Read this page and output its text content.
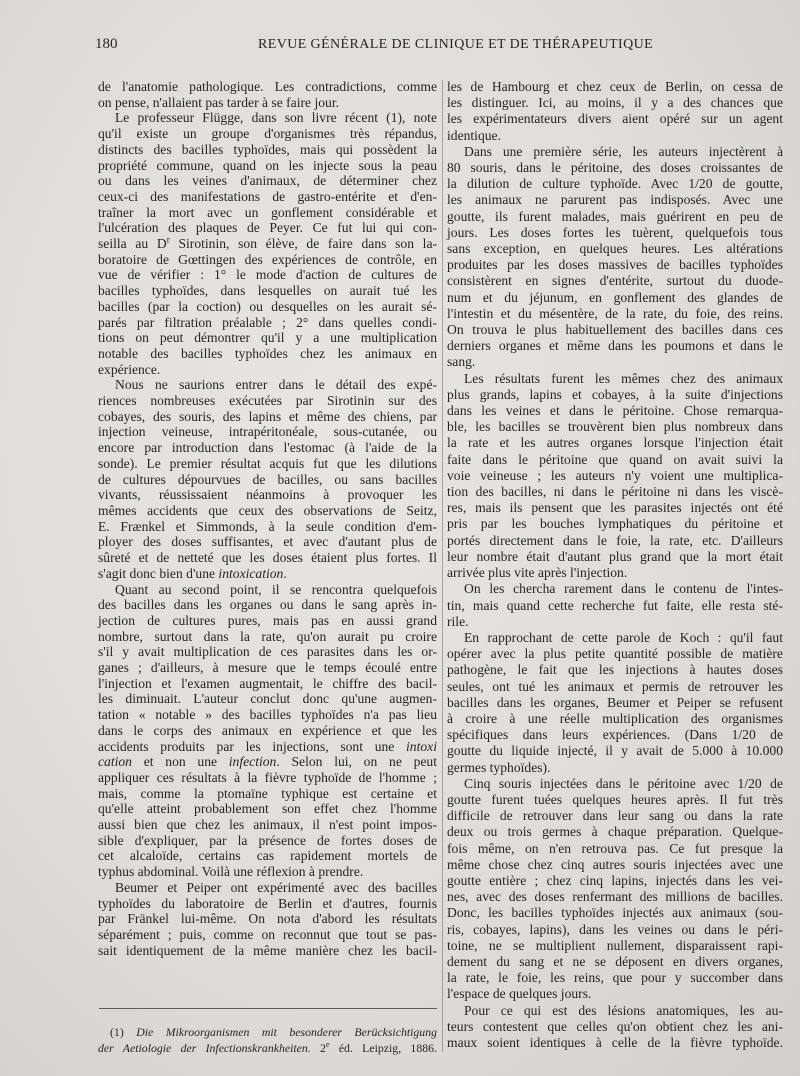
180	REVUE GÉNÉRALE DE CLINIQUE ET DE THÉRAPEUTIQUE
de l'anatomie pathologique. Les contradictions, comme
on pense, n'allaient pas tarder à se faire jour.
Le professeur Flügge, dans son livre récent (1), note
qu'il existe un groupe d'organismes très répandus,
distincts des bacilles typhoïdes, mais qui possèdent la
propriété commune, quand on les injecte sous la peau
ou dans les veines d'animaux, de déterminer chez
ceux-ci des manifestations de gastro-entérite et d'en-
traîner la mort avec un gonflement considérable et
l'ulcération des plaques de Peyer. Ce fut lui qui con-
seilla au $D^r$ Sirotinin, son élève, de faire dans son la-
boratoire de Gœttingen des expériences de contrôle, en
vue de vérifier : 1° le mode d'action de cultures de
bacilles typhoïdes, dans lesquelles on aurait tué les
bacilles (par la coction) ou desquelles on les aurait sé-
parés par filtration préalable ; 2° dans quelles condi-
tions on peut démontrer qu'il y a une multiplication
notable des bacilles typhoïdes chez les animaux en
expérience.
Nous ne saurions entrer dans le détail des expé-
riences nombreuses exécutées par Sirotinin sur des
cobayes, des souris, des lapins et même des chiens, par
injection veineuse, intrapéritonéale, sous-cutanée, ou
encore par introduction dans l'estomac (à l'aide de la
sonde). Le premier résultat acquis fut que les dilutions
de cultures dépourvues de bacilles, ou sans bacilles
vivants, réussissaient néanmoins à provoquer les
mêmes accidents que ceux des observations de Seitz,
E. Frænkel et Simmonds, à la seule condition d'em-
ployer des doses suffisantes, et avec d'autant plus de
sûreté et de netteté que les doses étaient plus fortes. Il
s'agit donc bien d'une intoxication.
Quant au second point, il se rencontra quelquefois
des bacilles dans les organes ou dans le sang après in-
jection de cultures pures, mais pas en aussi grand
nombre, surtout dans la rate, qu'on aurait pu croire
s'il y avait multiplication de ces parasites dans les or-
ganes ; d'ailleurs, à mesure que le temps écoulé entre
l'injection et l'examen augmentait, le chiffre des bacil-
les diminuait. L'auteur conclut donc qu'une augmen-
tation « notable » des bacilles typhoïdes n'a pas lieu
dans le corps des animaux en expérience et que les
accidents produits par les injections, sont une intoxi
cation et non une infection. Selon lui, on ne peut
appliquer ces résultats à la fièvre typhoïde de l'homme ;
mais, comme la ptomaïne typhique est certaine et
qu'elle atteint probablement son effet chez l'homme
aussi bien que chez les animaux, il n'est point impos-
sible d'expliquer, par la présence de fortes doses de
cet alcaloïde, certains cas rapidement mortels de
typhus abdominal. Voilà une réflexion à prendre.
Beumer et Peiper ont expérimenté avec des bacilles
typhoïdes du laboratoire de Berlin et d'autres, fournis
par Fränkel lui-même. On nota d'abord les résultats
séparément ; puis, comme on reconnut que tout se pas-
sait identiquement de la même manière chez les bacil-
les de Hambourg et chez ceux de Berlin, on cessa de
les distinguer. Ici, au moins, il y a des chances que
les expérimentateurs divers aient opéré sur un agent
identique.
Dans une première série, les auteurs injectèrent à
80 souris, dans le péritoine, des doses croissantes de
la dilution de culture typhoïde. Avec 1/20 de goutte,
les animaux ne parurent pas indisposés. Avec une
goutte, ils furent malades, mais guérirent en peu de
jours. Les doses fortes les tuèrent, quelquefois tous
sans exception, en quelques heures. Les altérations
produites par les doses massives de bacilles typhoïdes
consistèrent en signes d'entérite, surtout du duode-
num et du jéjunum, en gonflement des glandes de
l'intestin et du mésentère, de la rate, du foie, des reins.
On trouva le plus habituellement des bacilles dans ces
derniers organes et même dans les poumons et dans le
sang.
Les résultats furent les mêmes chez des animaux
plus grands, lapins et cobayes, à la suite d'injections
dans les veines et dans le péritoine. Chose remarqua-
ble, les bacilles se trouvèrent bien plus nombreux dans
la rate et les autres organes lorsque l'injection était
faite dans le péritoine que quand on avait suivi la
voie veineuse ; les auteurs n'y voient une multiplica-
tion des bacilles, ni dans le péritoine ni dans les viscè-
res, mais ils pensent que les parasites injectés ont été
pris par les bouches lymphatiques du péritoine et
portés directement dans le foie, la rate, etc. D'ailleurs
leur nombre était d'autant plus grand que la mort était
arrivée plus vite après l'injection.
On les chercha rarement dans le contenu de l'intes-
tin, mais quand cette recherche fut faite, elle resta sté-
rile.
En rapprochant de cette parole de Koch : qu'il faut
opérer avec la plus petite quantité possible de matière
pathogène, le fait que les injections à hautes doses
seules, ont tué les animaux et permis de retrouver les
bacilles dans les organes, Beumer et Peiper se refusent
à croire à une réelle multiplication des organismes
spécifiques dans leurs expériences. (Dans 1/20 de
goutte du liquide injecté, il y avait de 5.000 à 10.000
germes typhoïdes).
Cinq souris injectées dans le péritoine avec 1/20 de
goutte furent tuées quelques heures après. Il fut très
difficile de retrouver dans leur sang ou dans la rate
deux ou trois germes à chaque préparation. Quelque-
fois même, on n'en retrouva pas. Ce fut presque la
même chose chez cinq autres souris injectées avec une
goutte entière ; chez cinq lapins, injectés dans les vei-
nes, avec des doses renfermant des millions de bacilles.
Donc, les bacilles typhoïdes injectés aux animaux (sou-
ris, cobayes, lapins), dans les veines ou dans le péri-
toine, ne se multiplient nullement, disparaissent rapi-
dement du sang et ne se déposent en divers organes,
la rate, le foie, les reins, que pour y succomber dans
l'espace de quelques jours.
Pour ce qui est des lésions anatomiques, les au-
teurs contestent que celles qu'on obtient chez les ani-
maux soient identiques à celle de la fièvre typhoïde.
(1) Die Mikroorganismen mit besonderer Berücksichtigung
der Aetiologie der Infectionskrankheiten. 2e éd. Leipzig, 1886.
